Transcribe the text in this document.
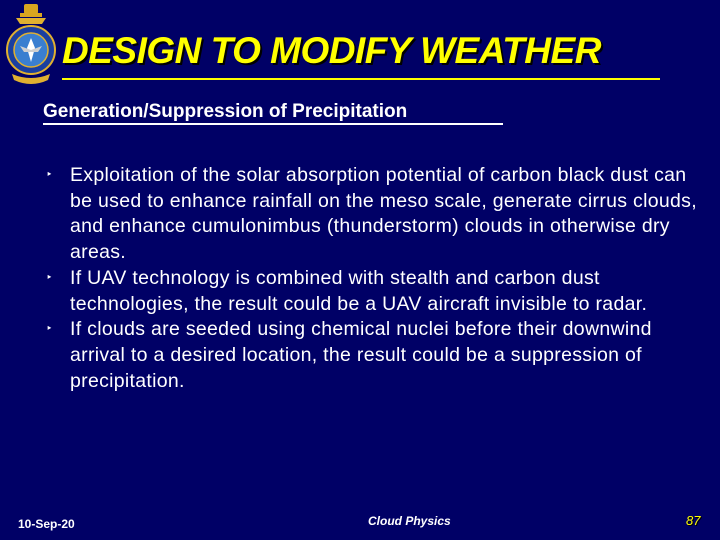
DESIGN TO MODIFY WEATHER
Generation/Suppression of Precipitation
‣ Exploitation of the solar absorption potential of carbon black dust can be used to enhance rainfall on the meso scale, generate cirrus clouds, and enhance cumulonimbus (thunderstorm) clouds in otherwise dry areas.
‣ If UAV technology is combined with stealth and carbon dust technologies, the result could be a UAV aircraft invisible to radar.
‣ If clouds are seeded using chemical nuclei before their downwind arrival to a desired location, the result could be a suppression of precipitation.
10-Sep-20	Cloud Physics	87
